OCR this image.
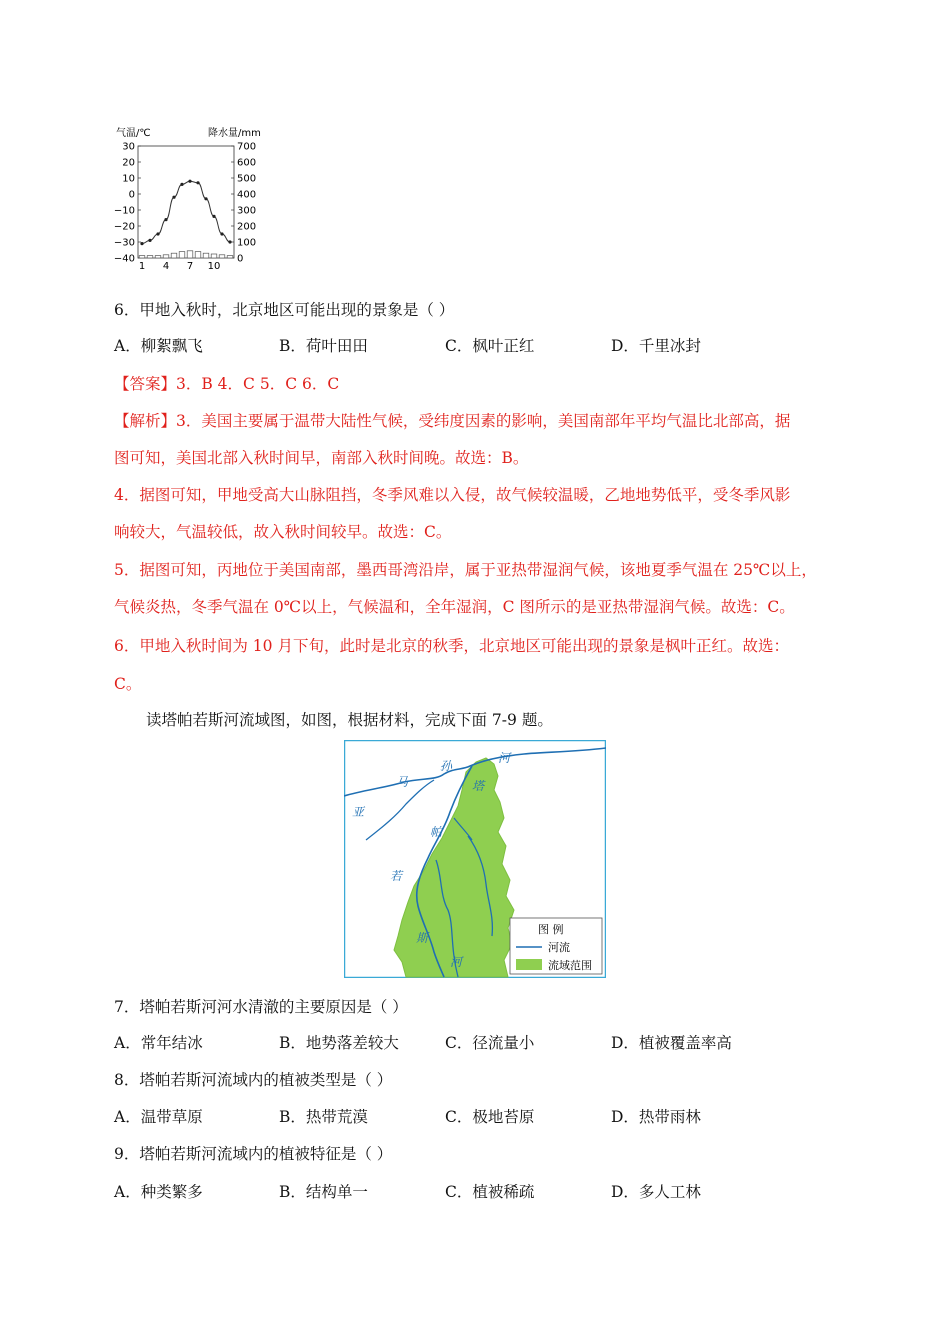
气温/℃	降水量/mm
30
20
10
0
−10
−20
−30
−40
700
600
500
400
300
200
100
0
1 4 7 10
6．甲地入秋时，北京地区可能出现的景象是（ ）
A．柳絮飘飞	B．荷叶田田	C．枫叶正红	D．千里冰封
【答案】3．B 4．C 5．C 6．C
【解析】3．美国主要属于温带大陆性气候，受纬度因素的影响，美国南部年平均气温比北部高，据
图可知，美国北部入秋时间早，南部入秋时间晚。故选：B。
4．据图可知，甲地受高大山脉阻挡，冬季风难以入侵，故气候较温暖，乙地地势低平，受冬季风影
响较大，气温较低，故入秋时间较早。故选：C。
5．据图可知，丙地位于美国南部，墨西哥湾沿岸，属于亚热带湿润气候，该地夏季气温在 25℃以上，
气候炎热，冬季气温在 0℃以上，气候温和，全年湿润，C 图所示的是亚热带湿润气候。故选：C。
6．甲地入秋时间为 10 月下旬，此时是北京的秋季，北京地区可能出现的景象是枫叶正红。故选：
C。
读塔帕若斯河流域图，如图，根据材料，完成下面 7-9 题。
亚
马
孙
河
塔
帕
若
斯
河
图 例
河流
流域范围
7．塔帕若斯河河水清澈的主要原因是（ ）
A．常年结冰	B．地势落差较大	C．径流量小	D．植被覆盖率高
8．塔帕若斯河流域内的植被类型是（ ）
A．温带草原	B．热带荒漠	C．极地苔原	D．热带雨林
9．塔帕若斯河流域内的植被特征是（ ）
A．种类繁多	B．结构单一	C．植被稀疏	D．多人工林
